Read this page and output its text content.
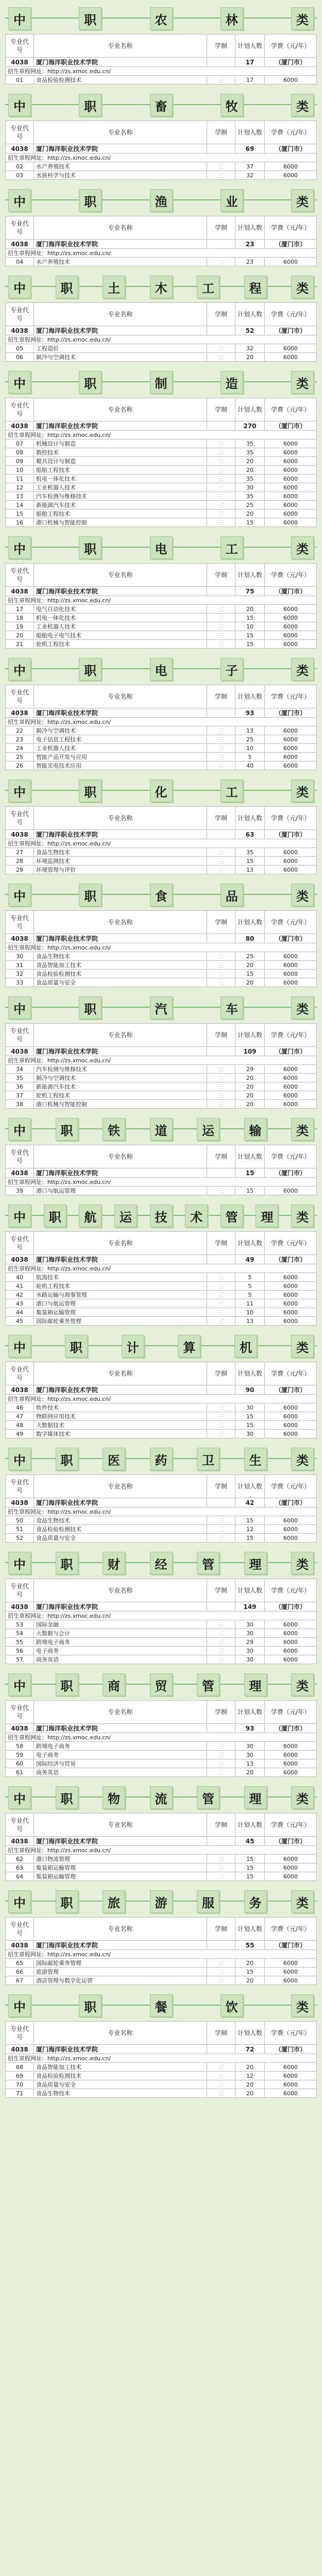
中	职	农	林	类
专业代号	专业名称	学制	计划人数	学费（元/年）
4038	厦门海洋职业技术学院		17	（厦门市）
招生章程网址：http://zs.xmoc.edu.cn/				
01	食品检验检测技术	三	17	6000
中	职	畜	牧	类
专业代号	专业名称	学制	计划人数	学费（元/年）
4038	厦门海洋职业技术学院		69	（厦门市）
招生章程网址：http://zs.xmoc.edu.cn/				
02	水产养殖技术	三	37	6000
03	水族科学与技术	三	32	6000
中	职	渔	业	类
专业代号	专业名称	学制	计划人数	学费（元/年）
4038	厦门海洋职业技术学院		23	（厦门市）
招生章程网址：http://zs.xmoc.edu.cn/				
04	水产养殖技术	三	23	6000
中	职	土	木	工	程	类
专业代号	专业名称	学制	计划人数	学费（元/年）
4038	厦门海洋职业技术学院		52	（厦门市）
招生章程网址：http://zs.xmoc.edu.cn/				
05	工程造价	三	32	6000
06	制冷与空调技术	三	20	6000
中	职	制	造	类
专业代号	专业名称	学制	计划人数	学费（元/年）
4038	厦门海洋职业技术学院		270	（厦门市）
招生章程网址：http://zs.xmoc.edu.cn/				
07	机械设计与制造	三	35	6000
08	数控技术	三	35	6000
09	模具设计与制造	三	20	6000
10	船舶工程技术	三	20	6000
11	机电一体化技术	三	35	6000
12	工业机器人技术	三	30	6000
13	汽车检测与维修技术	三	35	6000
14	新能源汽车技术	三	25	6000
15	船舶工程技术	三	20	6000
16	港口机械与智能控制	三	15	6000
中	职	电	工	类
专业代号	专业名称	学制	计划人数	学费（元/年）
4038	厦门海洋职业技术学院		75	（厦门市）
招生章程网址：http://zs.xmoc.edu.cn/				
17	电气自动化技术	三	20	6000
18	机电一体化技术	三	15	6000
19	工业机器人技术	三	10	6000
20	船舶电子电气技术	三	15	6000
21	轮机工程技术	三	15	6000
中	职	电	子	类
专业代号	专业名称	学制	计划人数	学费（元/年）
4038	厦门海洋职业技术学院		93	（厦门市）
招生章程网址：http://zs.xmoc.edu.cn/				
22	制冷与空调技术	三	13	6000
23	电子信息工程技术	三	25	6000
24	工业机器人技术	三	10	6000
25	智能产品开发与应用	三	5	6000
26	智能光电技术应用	三	40	6000
中	职	化	工	类
专业代号	专业名称	学制	计划人数	学费（元/年）
4038	厦门海洋职业技术学院		63	（厦门市）
招生章程网址：http://zs.xmoc.edu.cn/				
27	食品生物技术	三	35	6000
28	环境监测技术	三	15	6000
29	环境管理与评价	三	13	6000
中	职	食	品	类
专业代号	专业名称	学制	计划人数	学费（元/年）
4038	厦门海洋职业技术学院		80	（厦门市）
招生章程网址：http://zs.xmoc.edu.cn/				
30	食品生物技术	三	25	6000
31	食品智能加工技术	三	20	6000
32	食品检验检测技术	三	15	6000
33	食品质量与安全	三	20	6000
中	职	汽	车	类
专业代号	专业名称	学制	计划人数	学费（元/年）
4038	厦门海洋职业技术学院		109	（厦门市）
招生章程网址：http://zs.xmoc.edu.cn/				
34	汽车检测与维修技术	三	29	6000
35	制冷与空调技术	三	20	6000
36	新能源汽车技术	三	20	6000
37	轮机工程技术	三	20	6000
38	港口机械与智能控制	三	20	6000
中	职	铁	道	运	输	类
专业代号	专业名称	学制	计划人数	学费（元/年）
4038	厦门海洋职业技术学院		15	（厦门市）
招生章程网址：http://zs.xmoc.edu.cn/				
39	港口与航运管理	三	15	6000
中	职	航	运	技	术	管	理	类
专业代号	专业名称	学制	计划人数	学费（元/年）
4038	厦门海洋职业技术学院		49	（厦门市）
招生章程网址：http://zs.xmoc.edu.cn/				
40	航海技术	三	5	6000
41	轮机工程技术	三	5	6000
42	水路运输与海事管理	三	5	6000
43	港口与航运管理	三	11	6000
44	集装箱运输管理	三	10	6000
45	国际邮轮乘务管理	三	13	6000
中	职	计	算	机	类
专业代号	专业名称	学制	计划人数	学费（元/年）
4038	厦门海洋职业技术学院		90	（厦门市）
招生章程网址：http://zs.xmoc.edu.cn/				
46	软件技术	三	30	6000
47	物联网应用技术	三	15	6000
48	大数据技术	三	15	6000
49	数字媒体技术	三	30	6000
中	职	医	药	卫	生	类
专业代号	专业名称	学制	计划人数	学费（元/年）
4038	厦门海洋职业技术学院		42	（厦门市）
招生章程网址：http://zs.xmoc.edu.cn/				
50	食品生物技术	三	15	6000
51	食品检验检测技术	三	12	6000
52	食品质量与安全	三	15	6000
中	职	财	经	管	理	类
专业代号	专业名称	学制	计划人数	学费（元/年）
4038	厦门海洋职业技术学院		149	（厦门市）
招生章程网址：http://zs.xmoc.edu.cn/				
53	国际金融	三	30	6000
54	大数据与会计	三	30	6000
55	跨境电子商务	三	29	6000
56	电子商务	三	30	6000
57	商务英语	三	30	6000
中	职	商	贸	管	理	类
专业代号	专业名称	学制	计划人数	学费（元/年）
4038	厦门海洋职业技术学院		93	（厦门市）
招生章程网址：http://zs.xmoc.edu.cn/				
58	跨境电子商务	三	30	6000
59	电子商务	三	30	6000
60	国际经济与贸易	三	13	6000
61	商务英语	三	20	6000
中	职	物	流	管	理	类
专业代号	专业名称	学制	计划人数	学费（元/年）
4038	厦门海洋职业技术学院		45	（厦门市）
招生章程网址：http://zs.xmoc.edu.cn/				
62	港口物流管理	三	15	6000
63	集装箱运输管理	三	15	6000
64	集装箱运输管理	三	15	6000
中	职	旅	游	服	务	类
专业代号	专业名称	学制	计划人数	学费（元/年）
4038	厦门海洋职业技术学院		55	（厦门市）
招生章程网址：http://zs.xmoc.edu.cn/				
65	国际邮轮乘务管理	三	20	6000
66	旅游管理	三	15	6000
67	酒店管理与数字化运营	三	20	6000
中	职	餐	饮	类
专业代号	专业名称	学制	计划人数	学费（元/年）
4038	厦门海洋职业技术学院		72	（厦门市）
招生章程网址：http://zs.xmoc.edu.cn/				
68	食品智能加工技术	三	20	6000
69	食品检验检测技术	三	12	6000
70	食品质量与安全	三	20	6000
71	食品生物技术	三	20	6000
